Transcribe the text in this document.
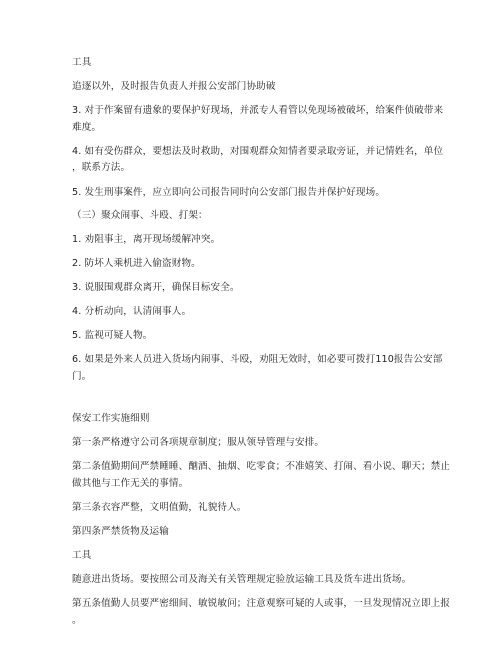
工具
追逐以外，及时报告负责人并报公安部门协助破
3. 对于作案留有遗象的要保护好现场，并派专人看管以免现场被破坏，给案件侦破带来
难度。
4. 如有受伤群众，要想法及时救助，对围观群众知情者要录取旁证，并记情姓名，单位
，联系方法。
5. 发生刑事案件，应立即向公司报告同时向公安部门报告并保护好现场。
（三）聚众闹事、斗殴、打架：
1. 劝阻事主，离开现场缓解冲突。
2. 防坏人乘机进入偷盗财物。
3. 说服围观群众离开，确保目标安全。
4. 分析动向，认清闹事人。
5. 监视可疑人物。
6. 如果是外来人员进入货场内闹事、斗殴，劝阻无效时，如必要可拨打110报告公安部
门。
保安工作实施细则
第一条严格遵守公司各项规章制度；服从领导管理与安排。
第二条值勤期间严禁睡睡、酗酒、抽烟、吃零食；不准嬉笑、打闹、看小说、聊天；禁止
做其他与工作无关的事情。
第三条衣容严整，文明值勤，礼貌待人。
第四条严禁货物及运输
工具
随意进出货场。要按照公司及海关有关管理规定验放运输工具及货车进出货场。
第五条值勤人员要严密细间、敏锐敏问；注意观察可疑的人或事，一旦发现情况立即上报
。
